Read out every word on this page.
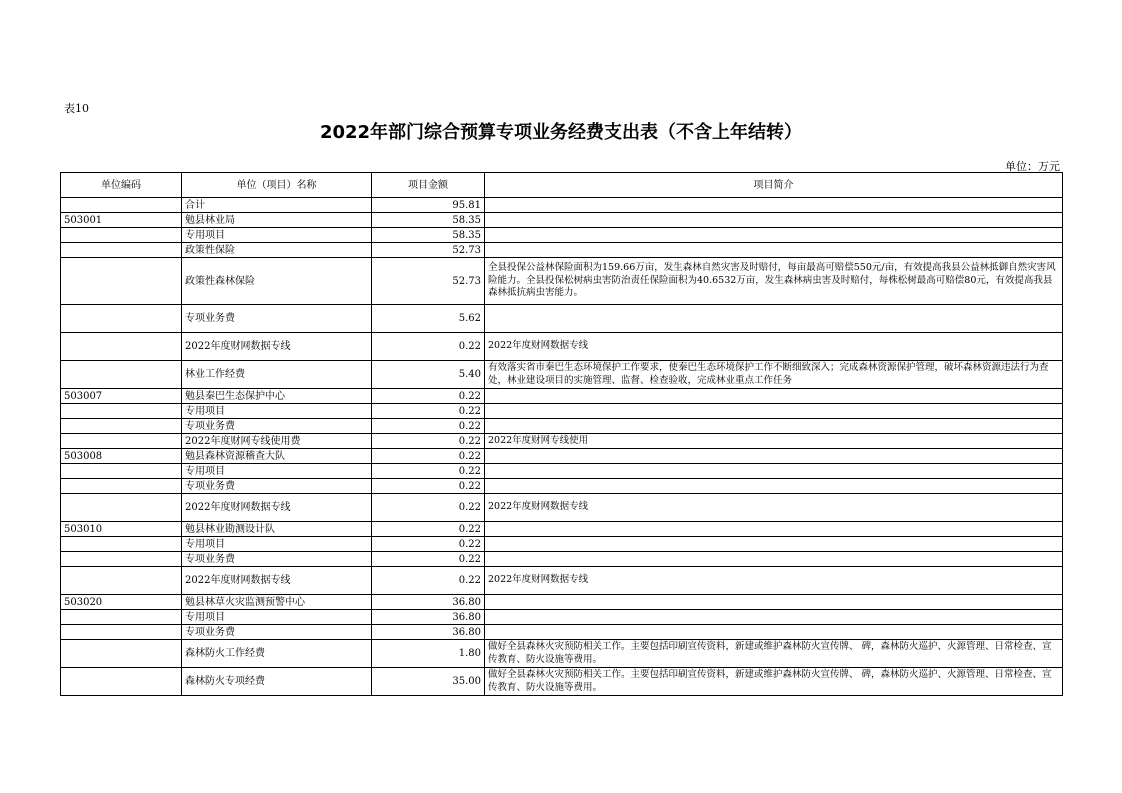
表10
2022年部门综合预算专项业务经费支出表（不含上年结转）
单位：万元
单位编码	单位（项目）名称	项目金额	项目简介
	合计	95.81	
503001	勉县林业局	58.35	
	专用项目	58.35	
	政策性保险	52.73	
	政策性森林保险	52.73	全县投保公益林保险面积为159.66万亩，发生森林自然灾害及时赔付，每亩最高可赔偿550元/亩，有效提高我县公益林抵御自然灾害风险能力。全县投保松树病虫害防治责任保险面积为40.6532万亩，发生森林病虫害及时赔付，每株松树最高可赔偿80元，有效提高我县森林抵抗病虫害能力。
	专项业务费	5.62	
	2022年度财网数据专线	0.22	2022年度财网数据专线
	林业工作经费	5.40	有效落实省市秦巴生态环境保护工作要求，使秦巴生态环境保护工作不断细致深入；完成森林资源保护管理，破坏森林资源违法行为查处，林业建设项目的实施管理、监督、检查验收，完成林业重点工作任务
503007	勉县秦巴生态保护中心	0.22	
	专用项目	0.22	
	专项业务费	0.22	
	2022年度财网专线使用费	0.22	2022年度财网专线使用
503008	勉县森林资源稽查大队	0.22	
	专用项目	0.22	
	专项业务费	0.22	
	2022年度财网数据专线	0.22	2022年度财网数据专线
503010	勉县林业勘测设计队	0.22	
	专用项目	0.22	
	专项业务费	0.22	
	2022年度财网数据专线	0.22	2022年度财网数据专线
503020	勉县林草火灾监测预警中心	36.80	
	专用项目	36.80	
	专项业务费	36.80	
	森林防火工作经费	1.80	做好全县森林火灾预防相关工作。主要包括印刷宣传资料，新建或维护森林防火宣传牌、 碑，森林防火巡护、火源管理、日常检查、宣传教育、防火设施等费用。
	森林防火专项经费	35.00	做好全县森林火灾预防相关工作。主要包括印刷宣传资料，新建或维护森林防火宣传牌、 碑，森林防火巡护、火源管理、日常检查、宣传教育、防火设施等费用。
